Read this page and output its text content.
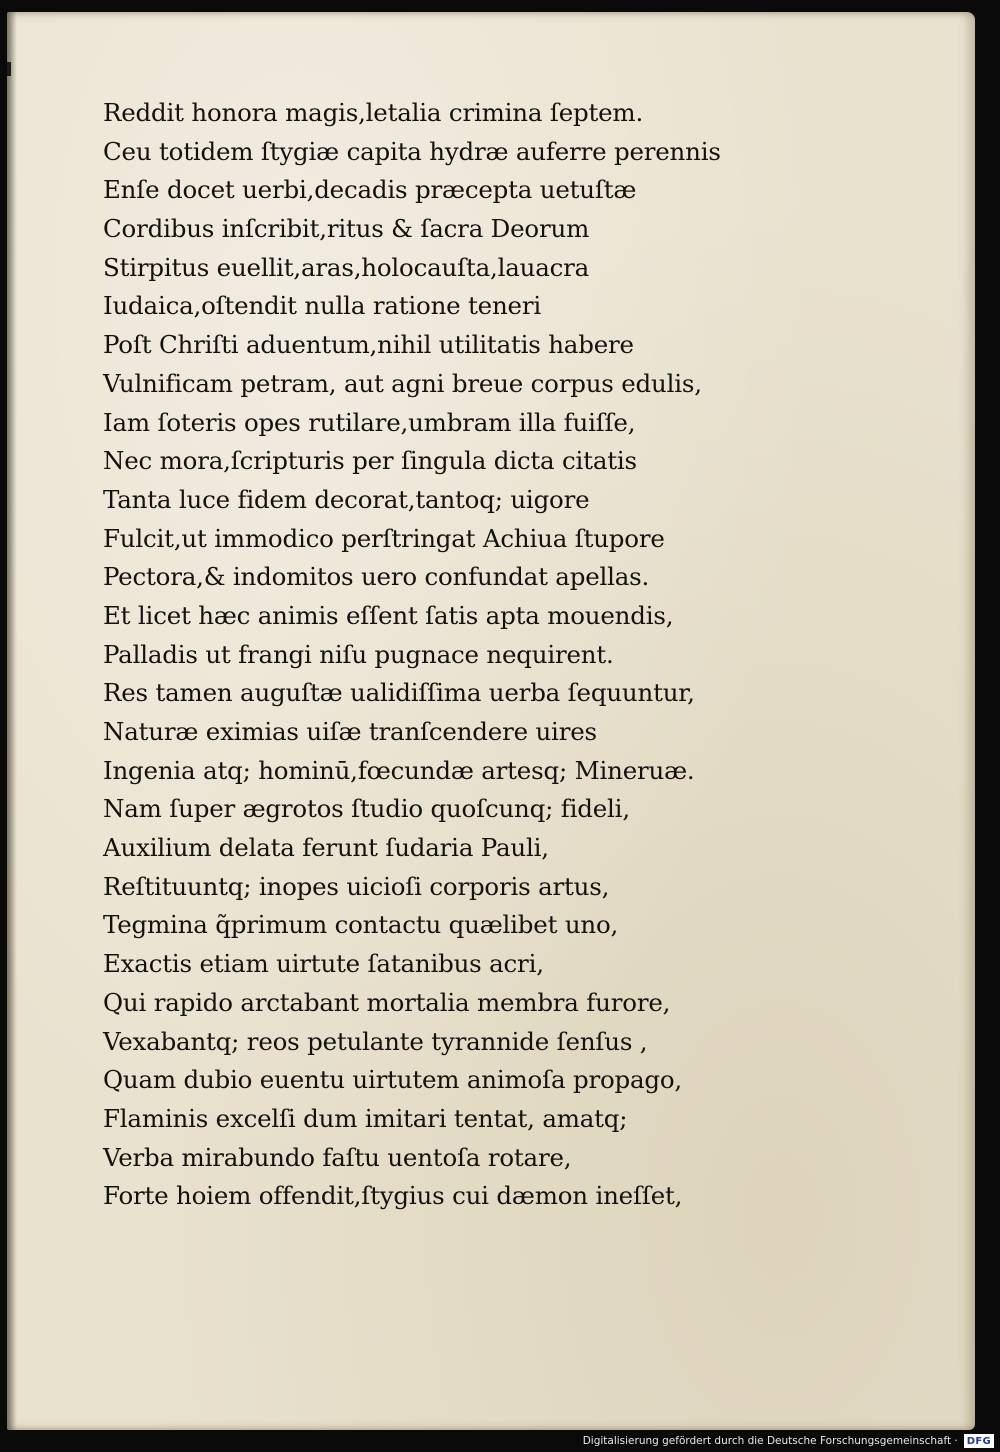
Reddit honora magis,letalia crimina ſeptem.
Ceu totidem ſtygiæ capita hydræ auferre perennis
Enſe docet uerbi,decadis præcepta uetuſtæ
Cordibus inſcribit,ritus & ſacra Deorum
Stirpitus euellit,aras,holocauſta,lauacra
Iudaica,oſtendit nulla ratione teneri
Poſt Chriſti aduentum,nihil utilitatis habere
Vulnificam petram, aut agni breue corpus edulis,
Iam ſoteris opes rutilare,umbram illa fuiſſe,
Nec mora,ſcripturis per ſingula dicta citatis
Tanta luce fidem decorat,tantoq; uigore
Fulcit,ut immodico perſtringat Achiua ſtupore
Pectora,& indomitos uero confundat apellas.
Et licet hæc animis eſſent ſatis apta mouendis,
Palladis ut frangi niſu pugnace nequirent.
Res tamen auguſtæ ualidiſſima uerba ſequuntur,
Naturæ eximias uiſæ tranſcendere uires
Ingenia atq; hominū,fœcundæ artesq; Mineruæ.
Nam ſuper ægrotos ſtudio quoſcunq; fideli,
Auxilium delata ferunt ſudaria Pauli,
Reſtituuntq; inopes uicioſi corporis artus,
Tegmina q̃primum contactu quælibet uno,
Exactis etiam uirtute ſatanibus acri,
Qui rapido arctabant mortalia membra furore,
Vexabantq; reos petulante tyrannide ſenſus ,
Quam dubio euentu uirtutem animoſa propago,
Flaminis excelſi dum imitari tentat, amatq;
Verba mirabundo faſtu uentoſa rotare,
Forte hoiem offendit,ſtygius cui dæmon ineſſet,
Digitalisierung gefördert durch die Deutsche Forschungsgemeinschaft · DFG
